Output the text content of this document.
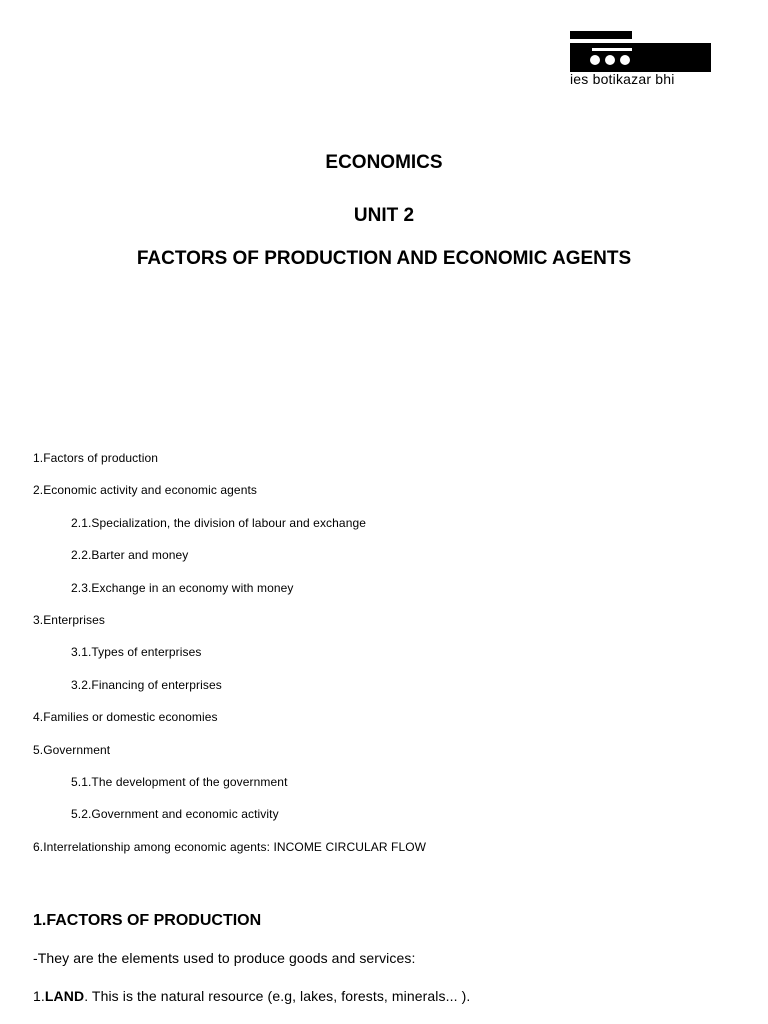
ies botikazar bhi
ECONOMICS
UNIT 2
FACTORS OF PRODUCTION AND ECONOMIC AGENTS
1.Factors of production
2.Economic activity and economic agents
2.1.Specialization, the division of labour and exchange
2.2.Barter and money
2.3.Exchange in an economy with money
3.Enterprises
3.1.Types of enterprises
3.2.Financing of enterprises
4.Families or domestic economies
5.Government
5.1.The development of the government
5.2.Government and economic activity
6.Interrelationship among economic agents: INCOME CIRCULAR FLOW
1.FACTORS OF PRODUCTION
-They are the elements used to produce goods and services:
1.LAND. This is the natural resource (e.g, lakes, forests, minerals... ).
